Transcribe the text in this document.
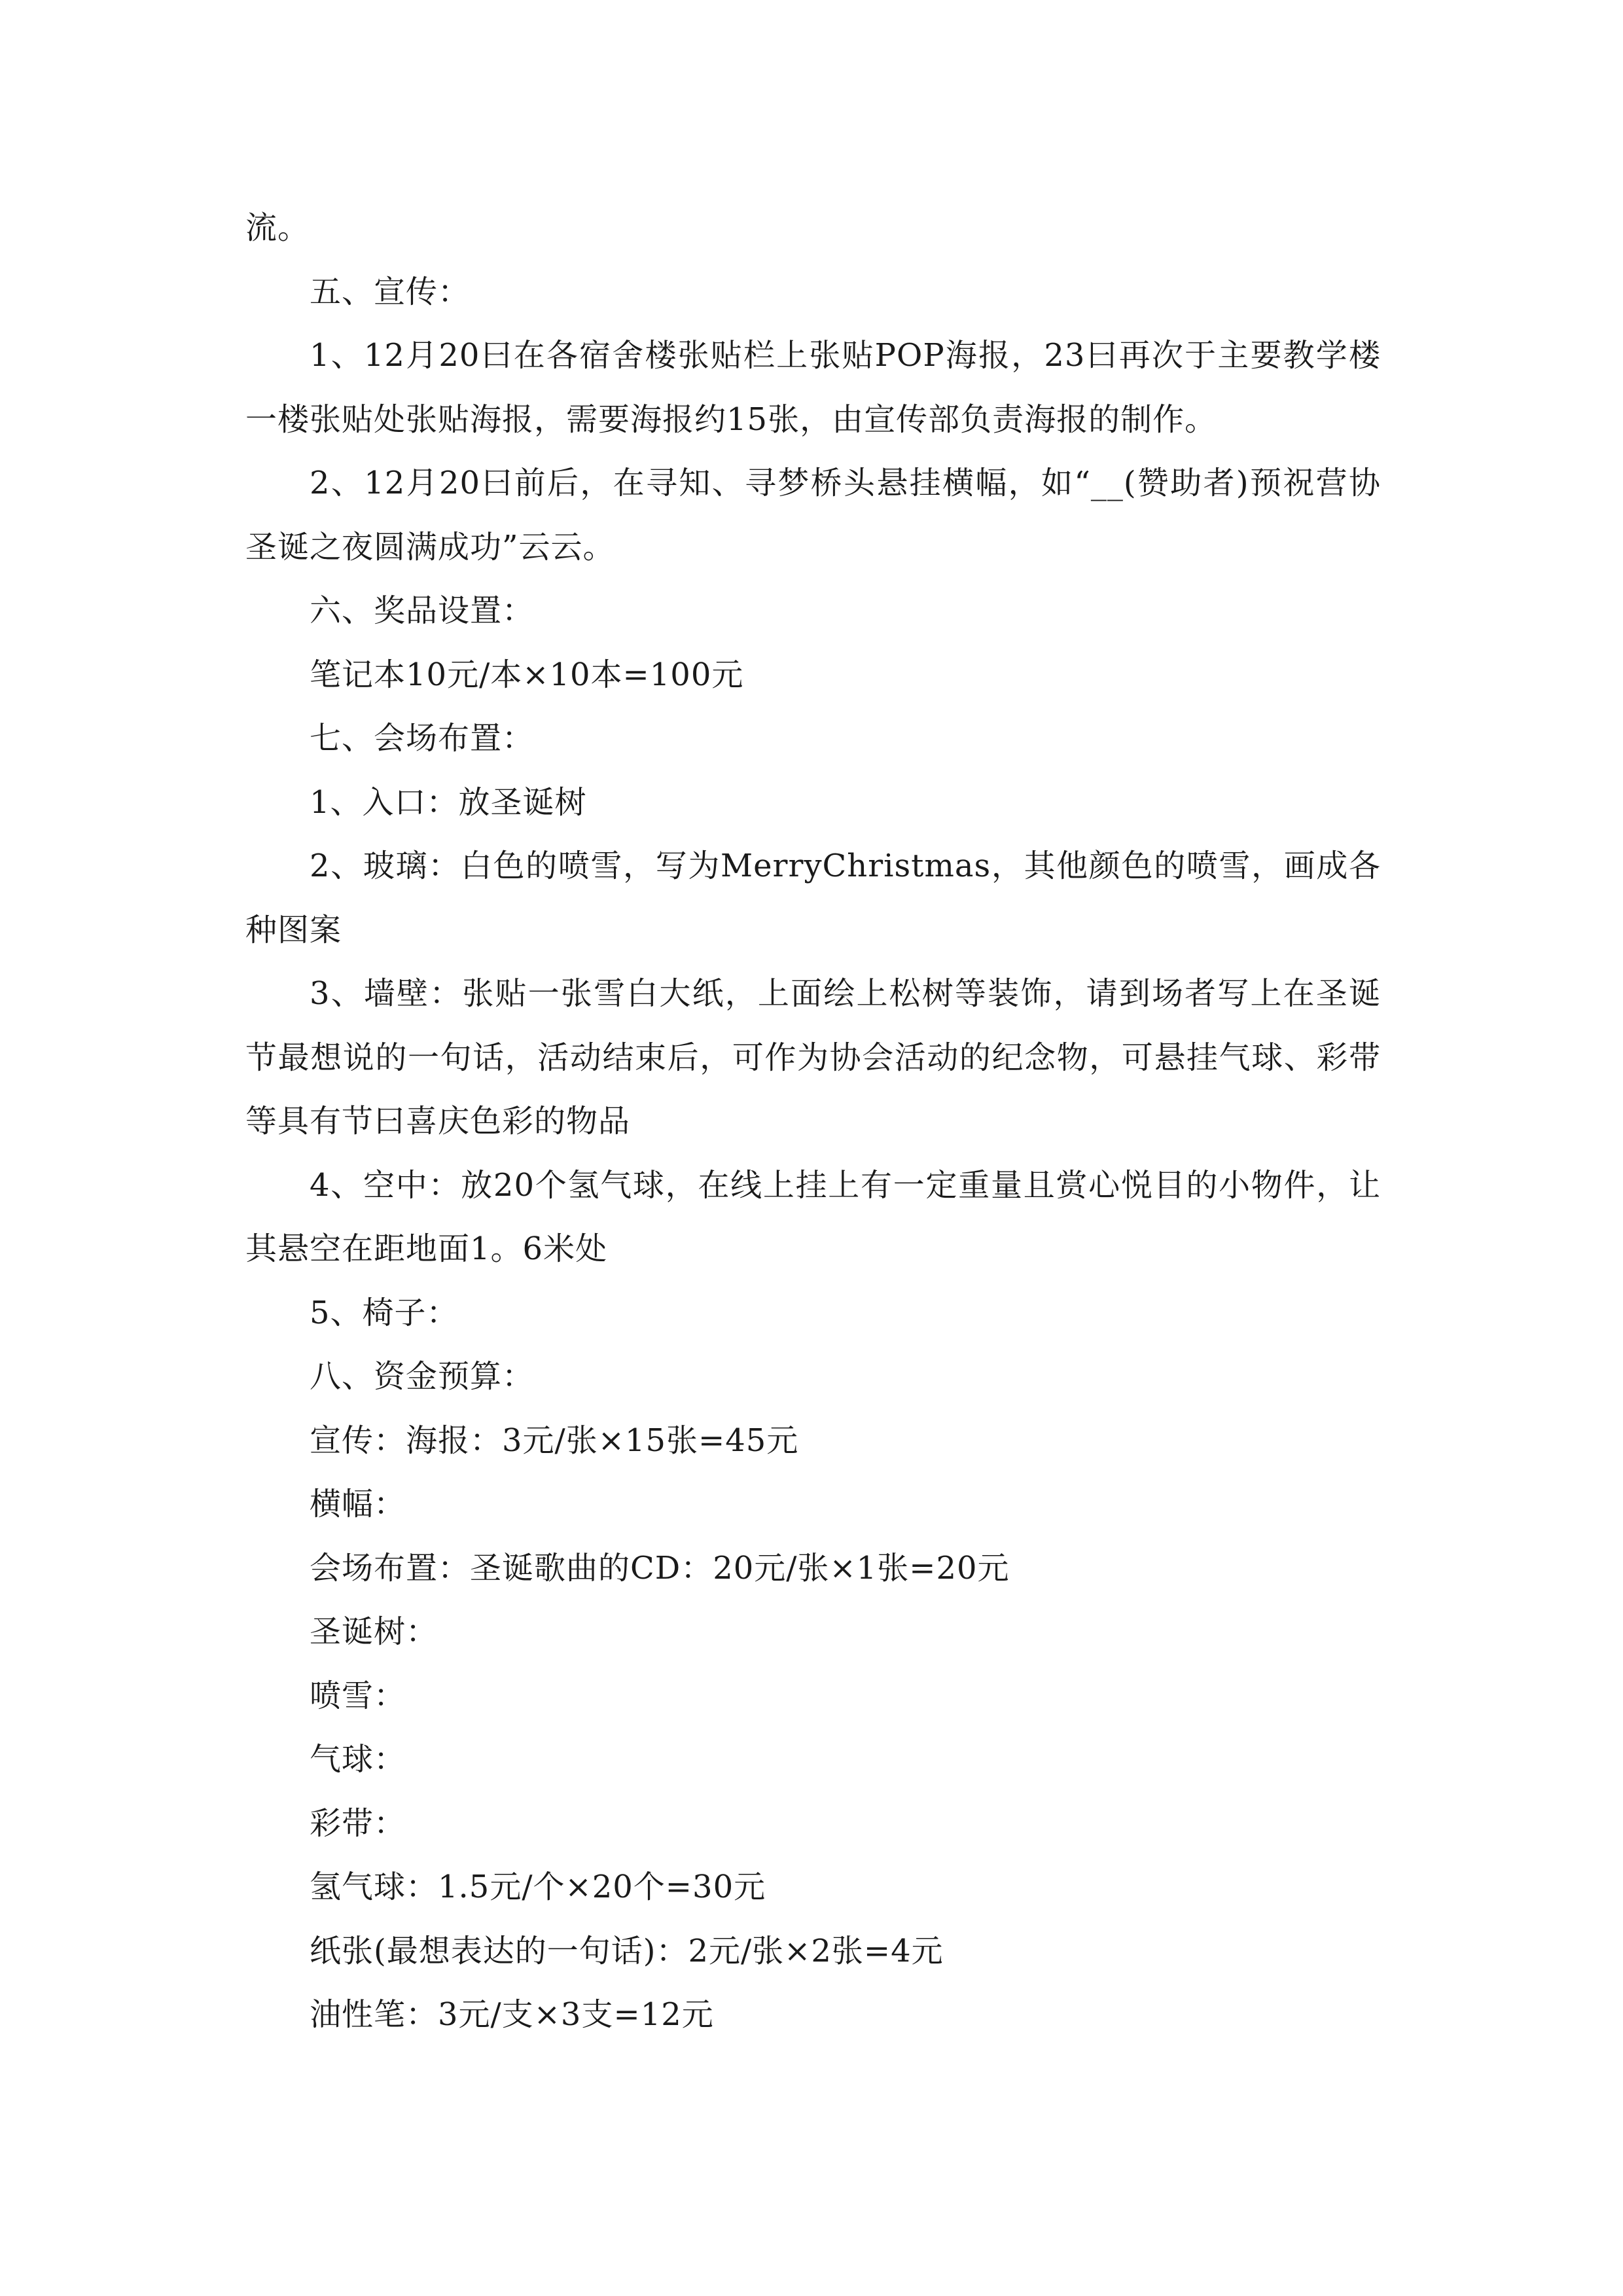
流。

五、宣传：

1、12月20曰在各宿舍楼张贴栏上张贴POP海报，23曰再次于主要教学楼一楼张贴处张贴海报，需要海报约15张，由宣传部负责海报的制作。

2、12月20曰前后，在寻知、寻梦桥头悬挂横幅，如“__(赞助者)预祝营协圣诞之夜圆满成功”云云。

六、奖品设置：

笔记本10元/本×10本=100元

七、会场布置：

1、入口：放圣诞树

2、玻璃：白色的喷雪，写为MerryChristmas，其他颜色的喷雪，画成各种图案

3、墙壁：张贴一张雪白大纸，上面绘上松树等装饰，请到场者写上在圣诞节最想说的一句话，活动结束后，可作为协会活动的纪念物，可悬挂气球、彩带等具有节曰喜庆色彩的物品

4、空中：放20个氢气球，在线上挂上有一定重量且赏心悦目的小物件，让其悬空在距地面1。6米处

5、椅子：

八、资金预算：

宣传：海报：3元/张×15张=45元

横幅：

会场布置：圣诞歌曲的CD：20元/张×1张=20元

圣诞树：

喷雪：

气球：

彩带：

氢气球：1.5元/个×20个=30元

纸张(最想表达的一句话)：2元/张×2张=4元

油性笔：3元/支×3支=12元
